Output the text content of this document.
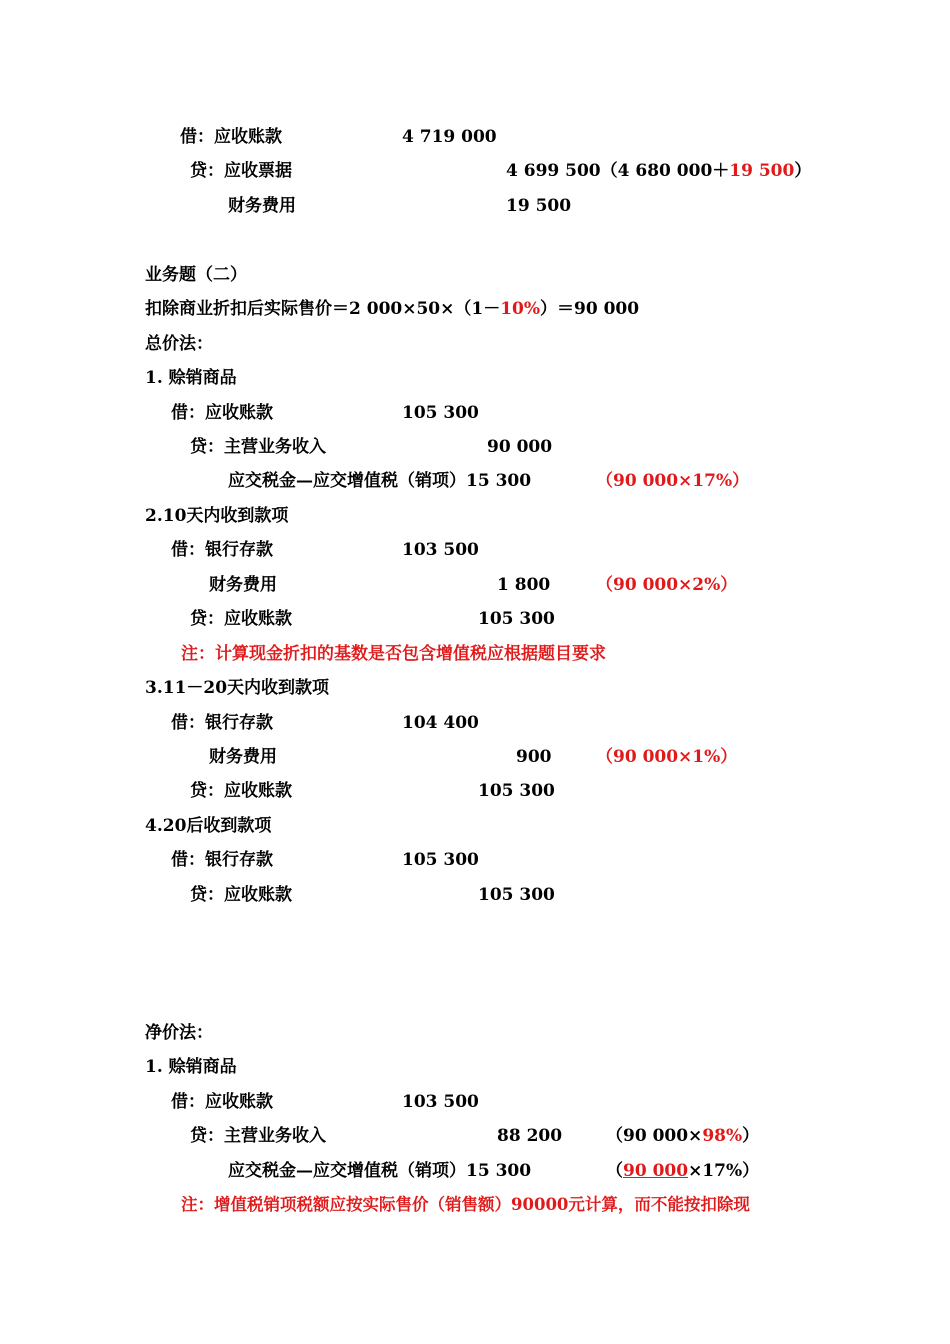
借：应收账款	4 719 000
贷：应收票据	4 699 500（4 680 000＋19 500）
财务费用	19 500
业务题（二）
扣除商业折扣后实际售价＝2 000×50×（1－10%）＝90 000
总价法：
1. 赊销商品
借：应收账款	105 300
贷：主营业务收入	90 000
应交税金—应交增值税（销项）15 300	（90 000×17%）
2.10天内收到款项
借：银行存款	103 500
财务费用	1 800	（90 000×2%）
贷：应收账款	105 300
注：计算现金折扣的基数是否包含增值税应根据题目要求
3.11－20天内收到款项
借：银行存款	104 400
财务费用	900	（90 000×1%）
贷：应收账款	105 300
4.20后收到款项
借：银行存款	105 300
贷：应收账款	105 300
净价法：
1. 赊销商品
借：应收账款	103 500
贷：主营业务收入	88 200	（90 000×98%）
应交税金—应交增值税（销项）15 300	（90 000×17%）
注：增值税销项税额应按实际售价（销售额）90000元计算，而不能按扣除现
